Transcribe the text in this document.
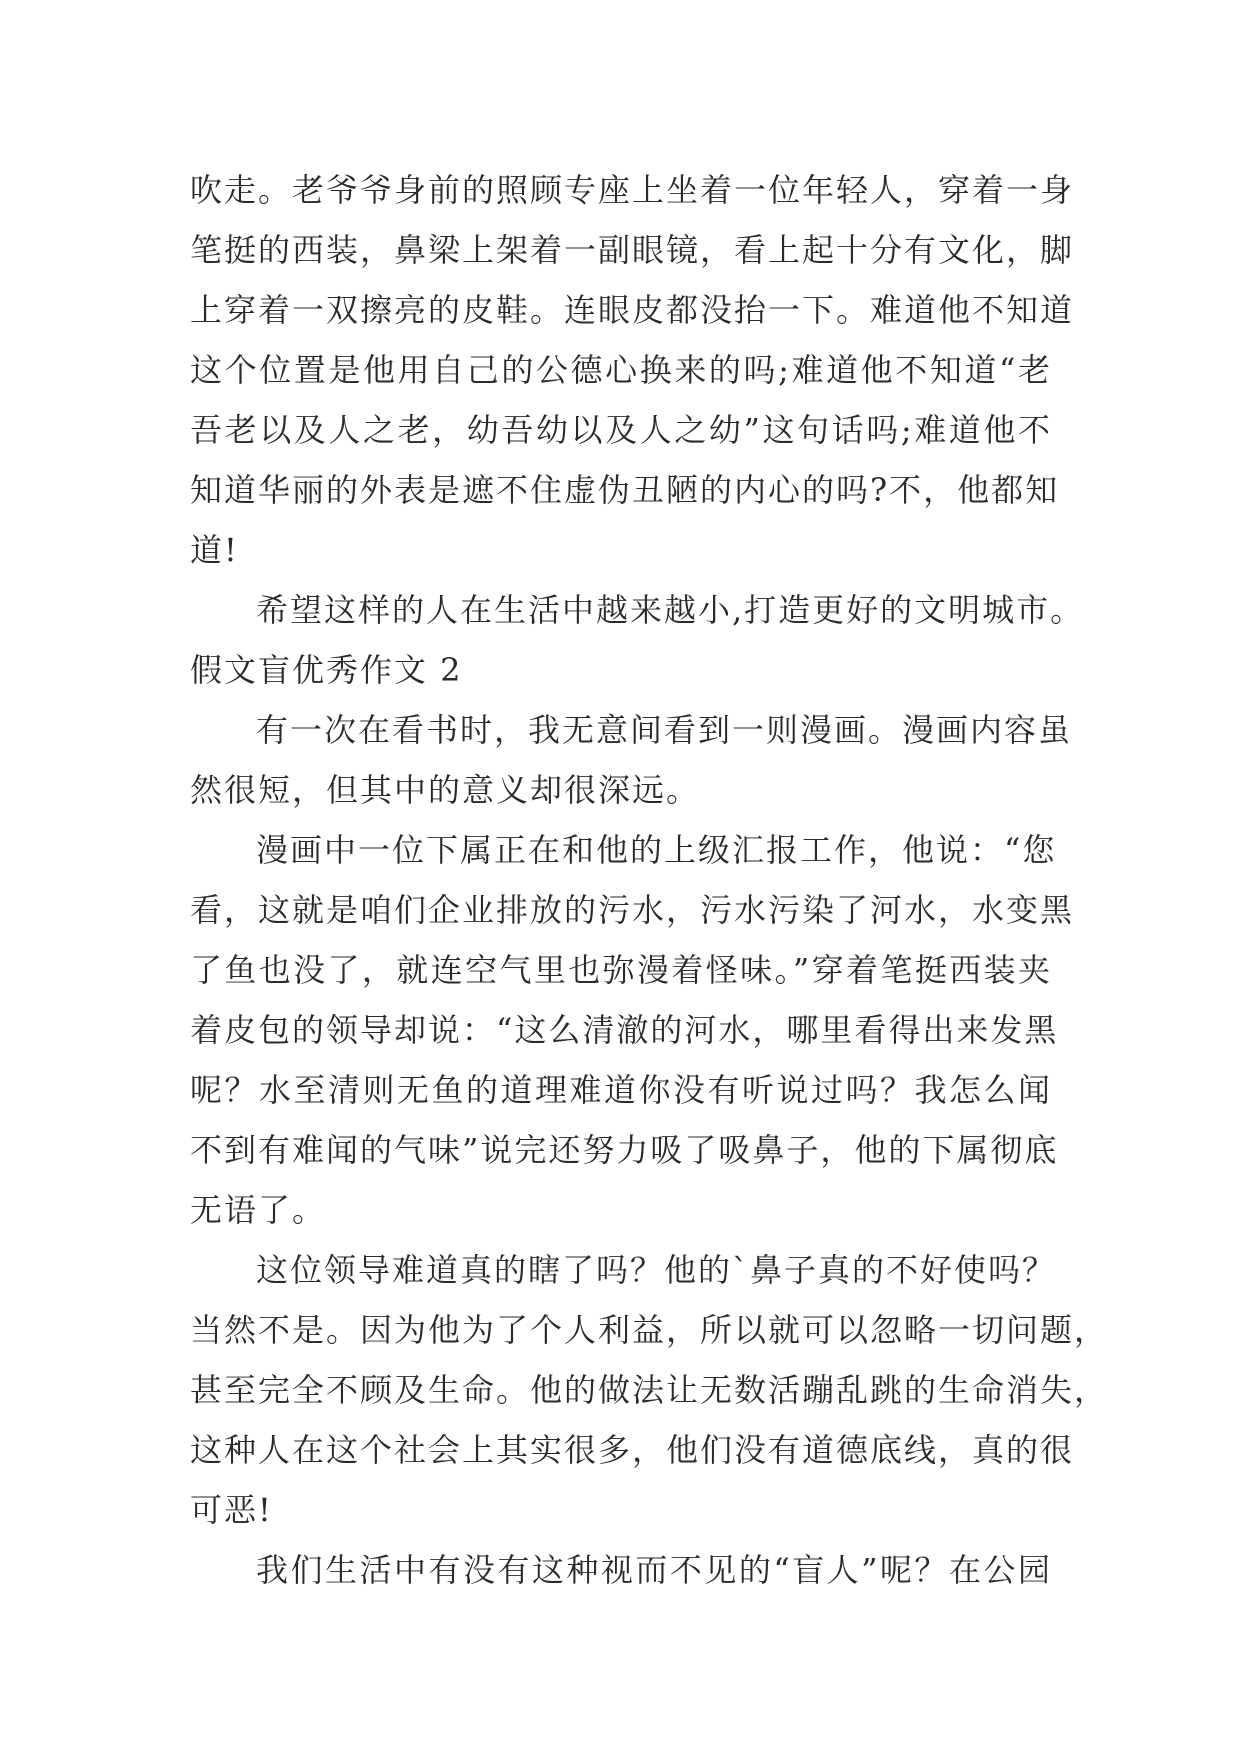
吹走。老爷爷身前的照顾专座上坐着一位年轻人，穿着一身
笔挺的西装，鼻梁上架着一副眼镜，看上起十分有文化，脚
上穿着一双擦亮的皮鞋。连眼皮都没抬一下。难道他不知道
这个位置是他用自己的公德心换来的吗;难道他不知道“老
吾老以及人之老，幼吾幼以及人之幼”这句话吗;难道他不
知道华丽的外表是遮不住虚伪丑陋的内心的吗?不，他都知
道!
希望这样的人在生活中越来越小,打造更好的文明城市。
假文盲优秀作文 2
有一次在看书时，我无意间看到一则漫画。漫画内容虽
然很短，但其中的意义却很深远。
漫画中一位下属正在和他的上级汇报工作，他说：“您
看，这就是咱们企业排放的污水，污水污染了河水，水变黑
了鱼也没了，就连空气里也弥漫着怪味。”穿着笔挺西装夹
着皮包的领导却说：“这么清澈的河水，哪里看得出来发黑
呢？水至清则无鱼的道理难道你没有听说过吗？我怎么闻
不到有难闻的气味”说完还努力吸了吸鼻子，他的下属彻底
无语了。
这位领导难道真的瞎了吗？他的`鼻子真的不好使吗？
当然不是。因为他为了个人利益，所以就可以忽略一切问题，
甚至完全不顾及生命。他的做法让无数活蹦乱跳的生命消失，
这种人在这个社会上其实很多，他们没有道德底线，真的很
可恶!
我们生活中有没有这种视而不见的“盲人”呢？在公园
